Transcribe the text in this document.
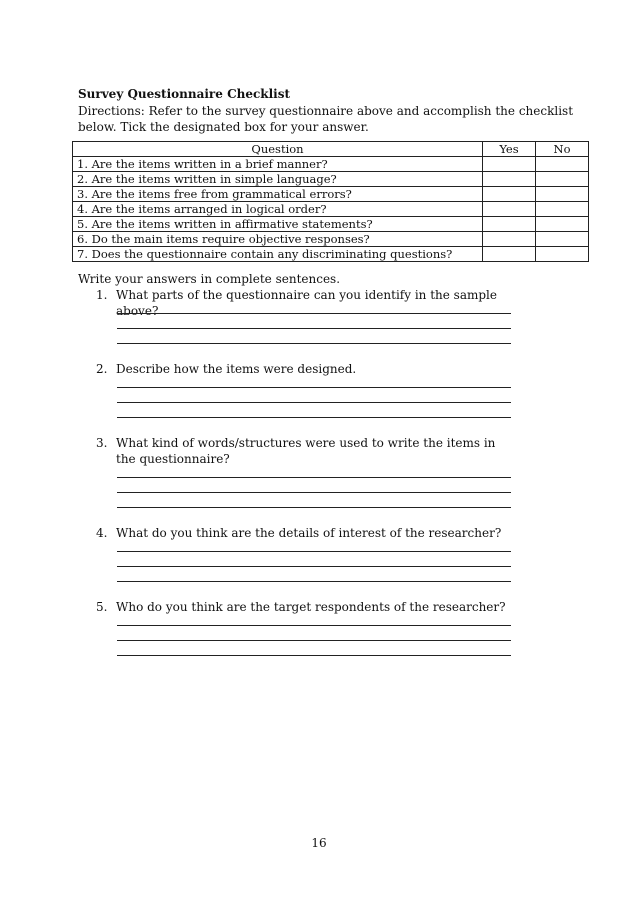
Survey Questionnaire Checklist
Directions: Refer to the survey questionnaire above and accomplish the checklist below. Tick the designated box for your answer.
Question	Yes	No
1. Are the items written in a brief manner?		
2. Are the items written in simple language?		
3. Are the items free from grammatical errors?		
4. Are the items arranged in logical order?		
5. Are the items written in affirmative statements?		
6. Do the main items require objective responses?		
7. Does the questionnaire contain any discriminating questions?		
Write your answers in complete sentences.
1. What parts of the questionnaire can you identify in the sample above?
2. Describe how the items were designed.
3. What kind of words/structures were used to write the items in the questionnaire?
4. What do you think are the details of interest of the researcher?
5. Who do you think are the target respondents of the researcher?
16
